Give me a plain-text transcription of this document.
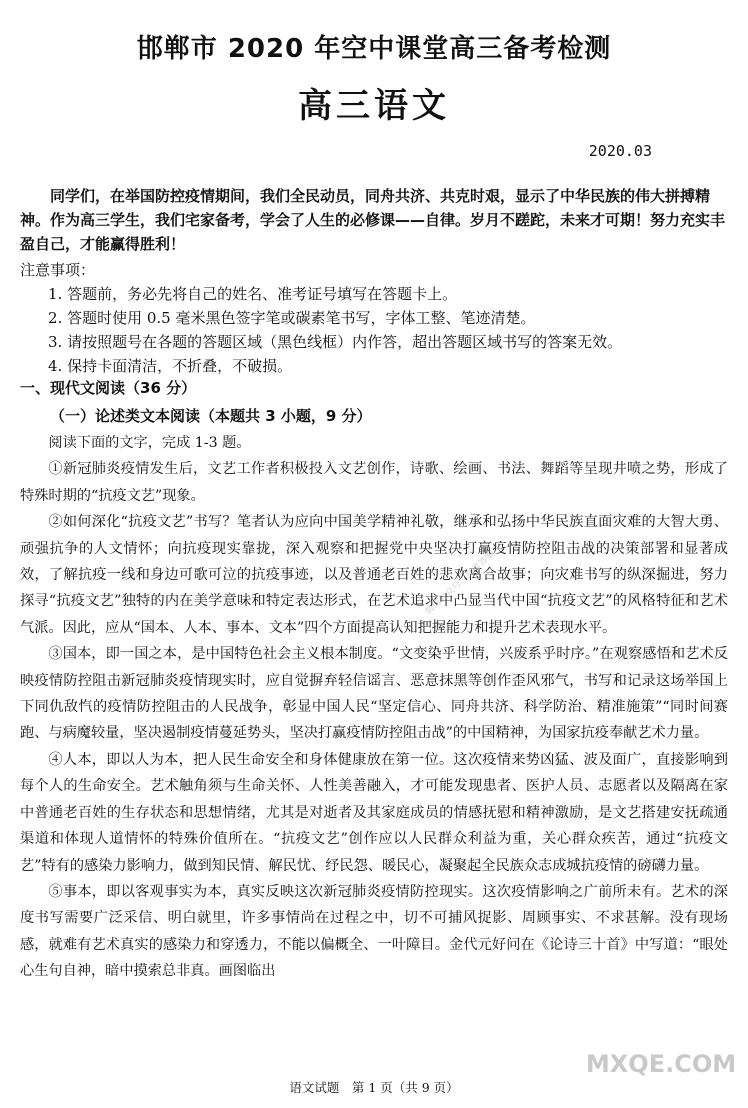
邯郸市 2020 年空中课堂高三备考检测
高三语文
2020.03

同学们，在举国防控疫情期间，我们全民动员，同舟共济、共克时艰，显示了中华民族的伟大拼搏精神。作为高三学生，我们宅家备考，学会了人生的必修课——自律。岁月不蹉跎，未来才可期！努力充实丰盈自己，才能赢得胜利！

注意事项：

1. 答题前，务必先将自己的姓名、准考证号填写在答题卡上。
2. 答题时使用 0.5 毫米黑色签字笔或碳素笔书写，字体工整、笔迹清楚。
3. 请按照题号在各题的答题区域（黑色线框）内作答，超出答题区域书写的答案无效。
4. 保持卡面清洁，不折叠，不破损。
一、现代文阅读（36 分）
（一）论述类文本阅读（本题共 3 小题，9 分）

阅读下面的文字，完成 1-3 题。

①新冠肺炎疫情发生后，文艺工作者积极投入文艺创作，诗歌、绘画、书法、舞蹈等呈现井喷之势，形成了特殊时期的“抗疫文艺”现象。

②如何深化“抗疫文艺”书写？笔者认为应向中国美学精神礼敬，继承和弘扬中华民族直面灾难的大智大勇、顽强抗争的人文情怀；向抗疫现实靠拢，深入观察和把握党中央坚决打赢疫情防控阻击战的决策部署和显著成效，了解抗疫一线和身边可歌可泣的抗疫事迹，以及普通老百姓的悲欢离合故事；向灾难书写的纵深掘进，努力探寻“抗疫文艺”独特的内在美学意味和特定表达形式，在艺术追求中凸显当代中国“抗疫文艺”的风格特征和艺术气派。因此，应从“国本、人本、事本、文本”四个方面提高认知把握能力和提升艺术表现水平。

③国本，即一国之本，是中国特色社会主义根本制度。“文变染乎世情，兴废系乎时序。”在观察感悟和艺术反映疫情防控阻击新冠肺炎疫情现实时，应自觉摒弃轻信谣言、恶意抹黑等创作歪风邪气，书写和记录这场举国上下同仇敌忾的疫情防控阻击的人民战争，彰显中国人民“坚定信心、同舟共济、科学防治、精准施策”“同时间赛跑、与病魔较量，坚决遏制疫情蔓延势头，坚决打赢疫情防控阻击战”的中国精神，为国家抗疫奉献艺术力量。

④人本，即以人为本，把人民生命安全和身体健康放在第一位。这次疫情来势凶猛、波及面广，直接影响到每个人的生命安全。艺术触角须与生命关怀、人性美善融入，才可能发现患者、医护人员、志愿者以及隔离在家中普通老百姓的生存状态和思想情绪，尤其是对逝者及其家庭成员的情感抚慰和精神激励，是文艺搭建安抚疏通渠道和体现人道情怀的特殊价值所在。“抗疫文艺”创作应以人民群众利益为重，关心群众疾苦，通过“抗疫文艺”特有的感染力影响力，做到知民情、解民忧、纾民怨、暖民心，凝聚起全民族众志成城抗疫情的磅礴力量。

⑤事本，即以客观事实为本，真实反映这次新冠肺炎疫情防控现实。这次疫情影响之广前所未有。艺术的深度书写需要广泛采信、明白就里，许多事情尚在过程之中，切不可捕风捉影、周顾事实、不求甚解。没有现场感，就难有艺术真实的感染力和穿透力，不能以偏概全、一叶障目。金代元好问在《论诗三十首》中写道：“眼处心生句自神，暗中摸索总非真。画图临出

微信公众号：高考答案
MXQE.COM
语文试题　第 1 页（共 9 页）
